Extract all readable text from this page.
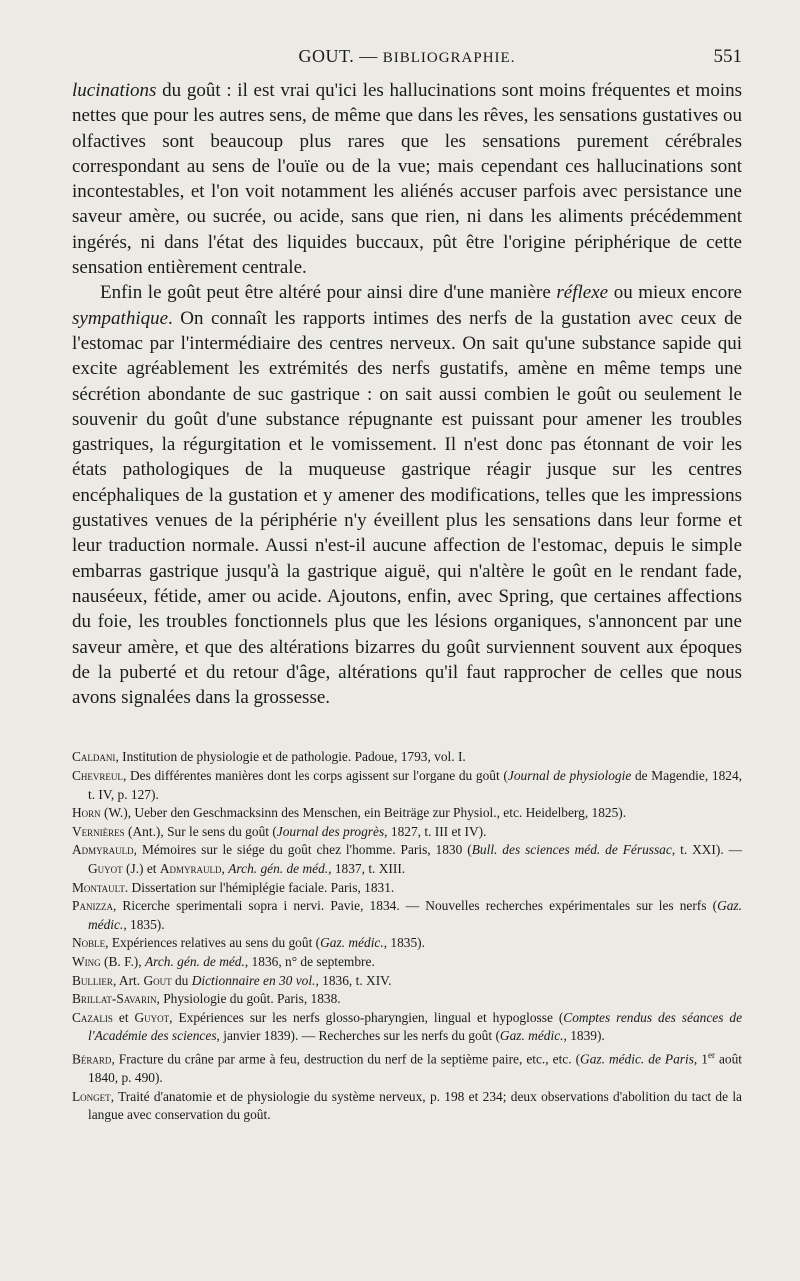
GOUT. — BIBLIOGRAPHIE.	551

lucinations du goût : il est vrai qu'ici les hallucinations sont moins fréquentes et moins nettes que pour les autres sens, de même que dans les rêves, les sensations gustatives ou olfactives sont beaucoup plus rares que les sensations purement cérébrales correspondant au sens de l'ouïe ou de la vue; mais cependant ces hallucinations sont incontestables, et l'on voit notamment les aliénés accuser parfois avec persistance une saveur amère, ou sucrée, ou acide, sans que rien, ni dans les aliments précédemment ingérés, ni dans l'état des liquides buccaux, pût être l'origine périphérique de cette sensation entièrement centrale.

Enfin le goût peut être altéré pour ainsi dire d'une manière réflexe ou mieux encore sympathique. On connaît les rapports intimes des nerfs de la gustation avec ceux de l'estomac par l'intermédiaire des centres nerveux. On sait qu'une substance sapide qui excite agréablement les extrémités des nerfs gustatifs, amène en même temps une sécrétion abondante de suc gastrique : on sait aussi combien le goût ou seulement le souvenir du goût d'une substance répugnante est puissant pour amener les troubles gastriques, la régurgitation et le vomissement. Il n'est donc pas étonnant de voir les états pathologiques de la muqueuse gastrique réagir jusque sur les centres encéphaliques de la gustation et y amener des modifications, telles que les impressions gustatives venues de la périphérie n'y éveillent plus les sensations dans leur forme et leur traduction normale. Aussi n'est-il aucune affection de l'estomac, depuis le simple embarras gastrique jusqu'à la gastrique aiguë, qui n'altère le goût en le rendant fade, nauséeux, fétide, amer ou acide. Ajoutons, enfin, avec Spring, que certaines affections du foie, les troubles fonctionnels plus que les lésions organiques, s'annoncent par une saveur amère, et que des altérations bizarres du goût surviennent souvent aux époques de la puberté et du retour d'âge, altérations qu'il faut rapprocher de celles que nous avons signalées dans la grossesse.

Caldani, Institution de physiologie et de pathologie. Padoue, 1793, vol. I.
Chevreul, Des différentes manières dont les corps agissent sur l'organe du goût (Journal de physiologie de Magendie, 1824, t. IV, p. 127).
Horn (W.), Ueber den Geschmacksinn des Menschen, ein Beiträge zur Physiol., etc. Heidelberg, 1825).
Vernières (Ant.), Sur le sens du goût (Journal des progrès, 1827, t. III et IV).
Admyrauld, Mémoires sur le siége du goût chez l'homme. Paris, 1830 (Bull. des sciences méd. de Férussac, t. XXI). — Guyot (J.) et Admyrauld, Arch. gén. de méd., 1837, t. XIII.
Montault. Dissertation sur l'hémiplégie faciale. Paris, 1831.
Panizza, Ricerche sperimentali sopra i nervi. Pavie, 1834. — Nouvelles recherches expérimentales sur les nerfs (Gaz. médic., 1835).
Noble, Expériences relatives au sens du goût (Gaz. médic., 1835).
Wing (B. F.), Arch. gén. de méd., 1836, n° de septembre.
Bullier, Art. Gout du Dictionnaire en 30 vol., 1836, t. XIV.
Brillat-Savarin, Physiologie du goût. Paris, 1838.
Cazalis et Guyot, Expériences sur les nerfs glosso-pharyngien, lingual et hypoglosse (Comptes rendus des séances de l'Académie des sciences, janvier 1839). — Recherches sur les nerfs du goût (Gaz. médic., 1839).
Bérard, Fracture du crâne par arme à feu, destruction du nerf de la septième paire, etc., etc. (Gaz. médic. de Paris, 1er août 1840, p. 490).
Longet, Traité d'anatomie et de physiologie du système nerveux, p. 198 et 234; deux observations d'abolition du tact de la langue avec conservation du goût.
